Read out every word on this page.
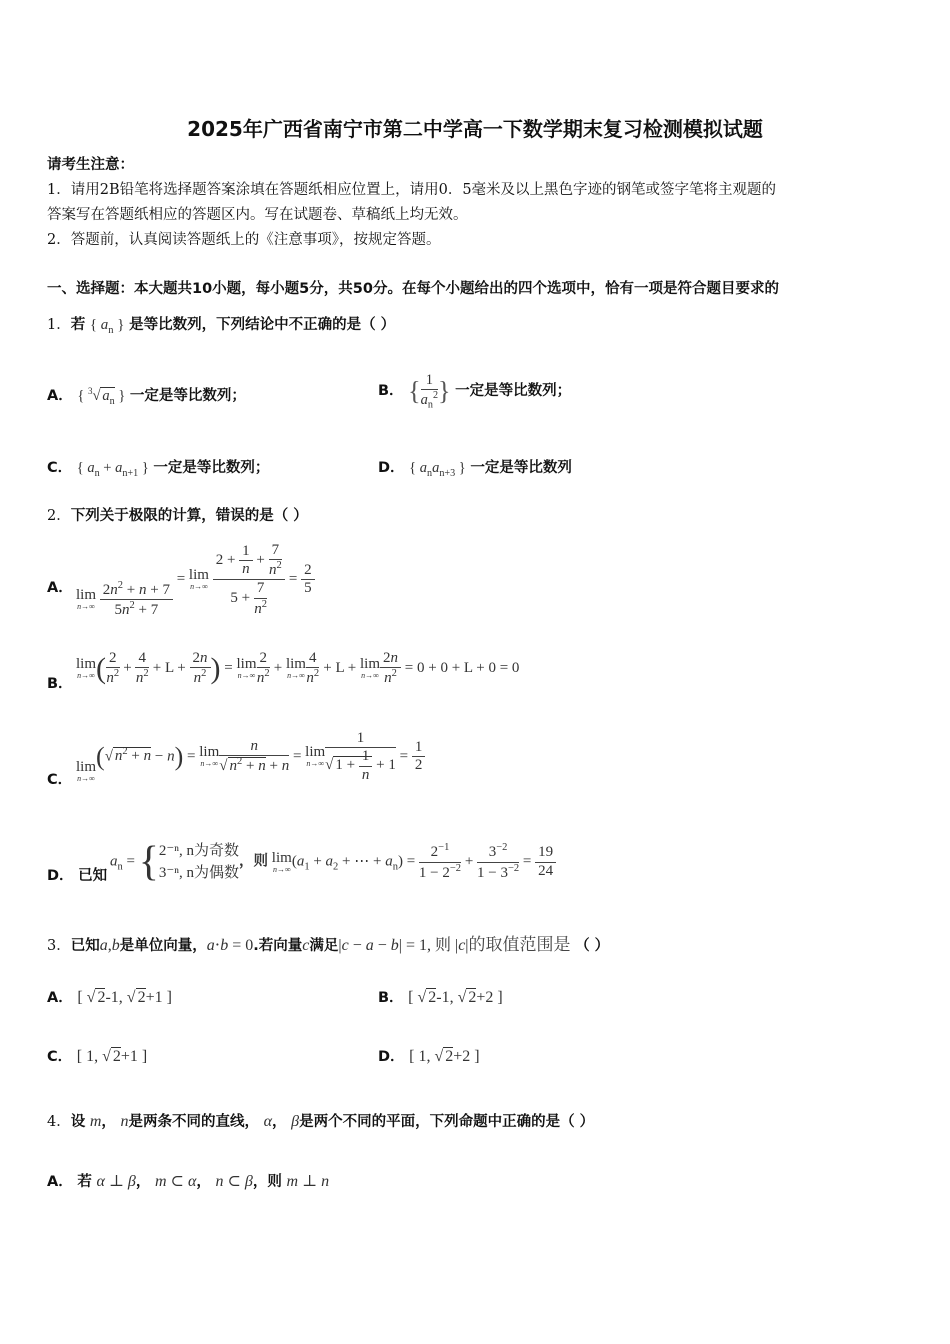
2025年广西省南宁市第二中学高一下数学期末复习检测模拟试题
请考生注意：
1．请用2B铅笔将选择题答案涂填在答题纸相应位置上，请用0．5毫米及以上黑色字迹的钢笔或签字笔将主观题的
答案写在答题纸相应的答题区内。写在试题卷、草稿纸上均无效。
2．答题前，认真阅读答题纸上的《注意事项》，按规定答题。
一、选择题：本大题共10小题，每小题5分，共50分。在每个小题给出的四个选项中，恰有一项是符合题目要求的
1．若 { $a_n$ } 是等比数列，下列结论中不正确的是（ ）
A． { $^3$√ $a_n$ } 一定是等比数列；	B． { $\frac{1}{a_n^2}$ } 一定是等比数列；
C． { $a_n + a_{n+1}$ } 一定是等比数列；	D． { $a_na_{n+3}$ } 一定是等比数列
2．下列关于极限的计算，错误的是（ ）
A． lim
n→∞
$\frac{2n^2 + n + 7}{5n^2 + 7}$
= lim
n→∞
$\frac{2 + \frac{1}{n} + \frac{7}{n^2}}{5 + \frac{7}{n^2}} = \frac{2}{5}$
B．
lim
n→∞ ( $\frac{2}{n^2} + \frac{4}{n^2} + L + \frac{2n}{n^2}$ ) = lim
$n\to\infty \frac{2}{n^2} + \lim$
$n\to\infty \frac{4}{n^2} + L + \lim$
$n\to\infty \frac{2n}{n^2} = 0 + 0 + L + 0 = 0$
C．
lim
n→∞
(√ $n^2 + n - n) = \lim$
$n\to\infty \frac{n}{√ n^2 + n + n} = \lim$
$n\to\infty \frac{1}{√ 1 + \frac{1}{n} + 1} = \frac{1}{2}$
D． 已知
$a_n$ = { 2⁻ⁿ, n为奇数
3⁻ⁿ, n为偶数
，则 lim
n→∞ ($a_1 + a_2$ + ⋯ + $a_n) = \frac{2^{-1}}{1 - 2^{-2}} + \frac{3^{-2}}{1 - 3^{-2}} = \frac{19}{24}$
3．已知a,b是单位向量，a⋅b = 0.若向量c满足|c − a − b| = 1, 则 |c|的取值范围是 （ ）
A． [ √ 2-1, √ 2+1 ]	B． [ √ 2-1, √ 2+2 ]
C． [ 1, √ 2+1 ]	D． [ 1, √ 2+2 ]
4．设 m， n是两条不同的直线， α， β是两个不同的平面，下列命题中正确的是（ ）
A． 若 α ⊥ β， m ⊂ α， n ⊂ β，则 m ⊥ n
